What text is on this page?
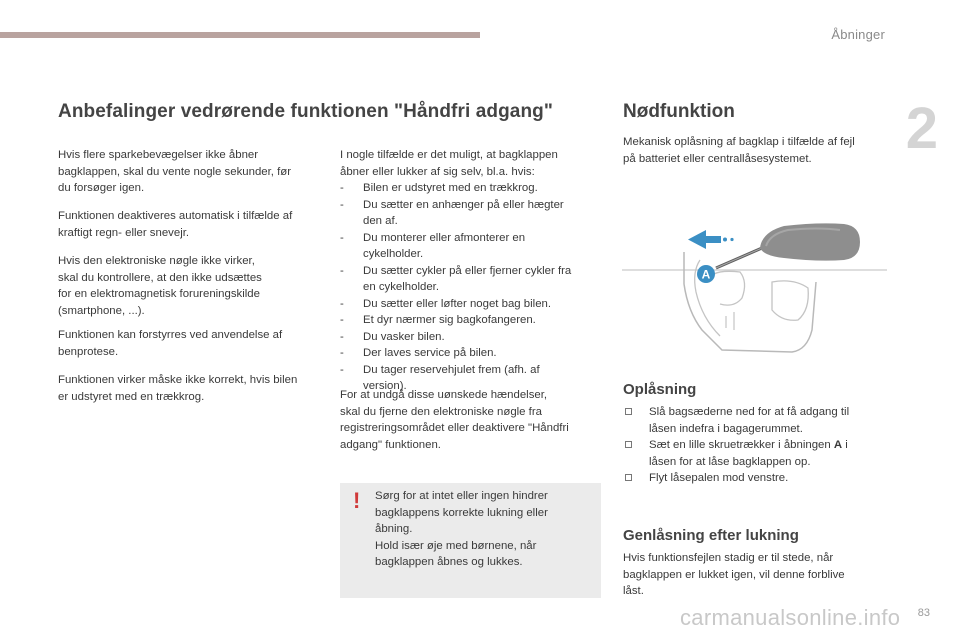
Åbninger
2
Anbefalinger vedrørende funktionen "Håndfri adgang"

Hvis flere sparkebevægelser ikke åbner
bagklappen, skal du vente nogle sekunder, før
du forsøger igen.

Funktionen deaktiveres automatisk i tilfælde af
kraftigt regn- eller snevejr.

Hvis den elektroniske nøgle ikke virker,
skal du kontrollere, at den ikke udsættes
for en elektromagnetisk forureningskilde
(smartphone, ...).

Funktionen kan forstyrres ved anvendelse af
benprotese.

Funktionen virker måske ikke korrekt, hvis bilen
er udstyret med en trækkrog.

I nogle tilfælde er det muligt, at bagklappen
åbner eller lukker af sig selv, bl.a. hvis:

- Bilen er udstyret med en trækkrog.
- Du sætter en anhænger på eller hægter
den af.
- Du monterer eller afmonterer en
cykelholder.
- Du sætter cykler på eller fjerner cykler fra
en cykelholder.
- Du sætter eller løfter noget bag bilen.
- Et dyr nærmer sig bagkofangeren.
- Du vasker bilen.
- Der laves service på bilen.
- Du tager reservehjulet frem (afh. af
version).

For at undgå disse uønskede hændelser,
skal du fjerne den elektroniske nøgle fra
registreringsområdet eller deaktivere "Håndfri
adgang" funktionen.

! Sørg for at intet eller ingen hindrer
bagklappens korrekte lukning eller
åbning.
Hold især øje med børnene, når
bagklappen åbnes og lukkes.
Nødfunktion

Mekanisk oplåsning af bagklap i tilfælde af fejl
på batteriet eller centrallåsesystemet.

A
Oplåsning
Slå bagsæderne ned for at få adgang til
låsen indefra i bagagerummet.
Sæt en lille skruetrækker i åbningen A i
låsen for at låse bagklappen op.
Flyt låsepalen mod venstre.
Genlåsning efter lukning

Hvis funktionsfejlen stadig er til stede, når
bagklappen er lukket igen, vil denne forblive
låst.

carmanualsonline.info 83
